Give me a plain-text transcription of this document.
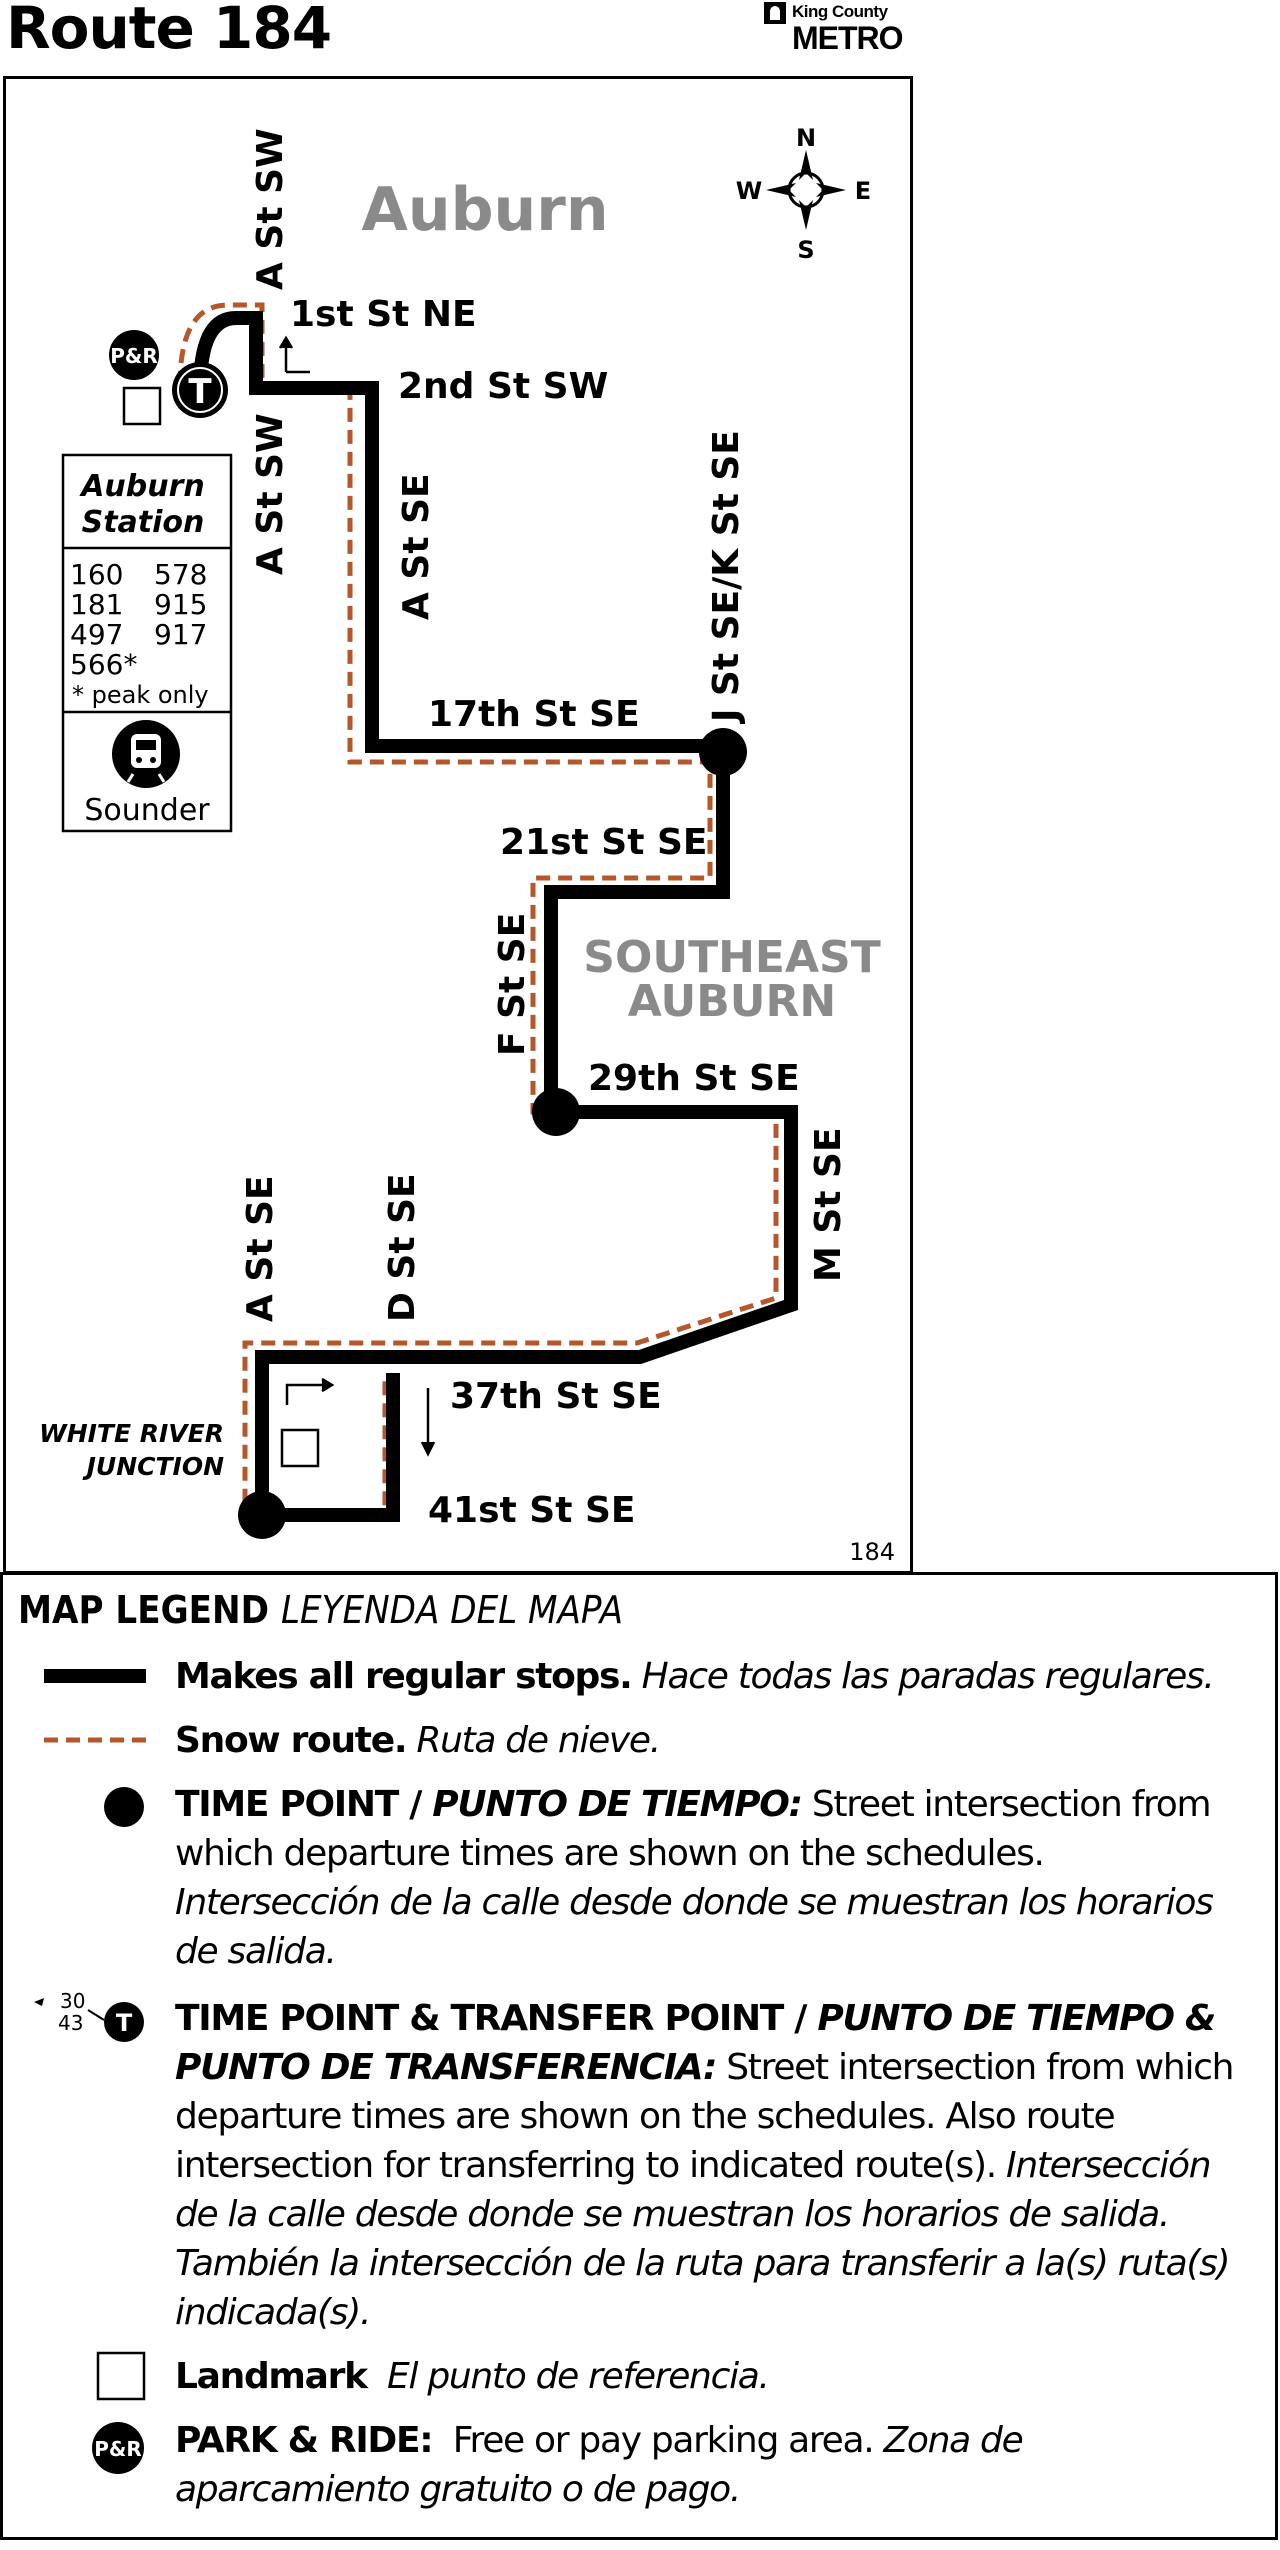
Route 184	King County
METRO
Auburn
SOUTHEAST
AUBURN
N
S
E
W
T
P&R
Auburn
Station
160 578
181 915
497 917
566*
* peak only
Sounder
1st St NE
2nd St SW
17th St SE
21st St SE
29th St SE
37th St SE
41st St SE
A St SW
A St SW	A St SE	J St SE/K St SE
F St SE
M St SE
A St SE	D St SE
WHITE RIVER
JUNCTION
184
MAP LEGEND LEYENDA DEL MAPA
T
30
43
P&R
Makes all regular stops. Hace todas las paradas regulares.
Snow route. Ruta de nieve.
TIME POINT / PUNTO DE TIEMPO: Street intersection from which departure times are shown on the schedules. Intersección de la calle desde donde se muestran los horarios de salida.
TIME POINT & TRANSFER POINT / PUNTO DE TIEMPO & PUNTO DE TRANSFERENCIA: Street intersection from which departure times are shown on the schedules. Also route intersection for transferring to indicated route(s). Intersección de la calle desde donde se muestran los horarios de salida. También la intersección de la ruta para transferir a la(s) ruta(s) indicada(s).
Landmark El punto de referencia.
PARK & RIDE:  Free or pay parking area. Zona de aparcamiento gratuito o de pago.
